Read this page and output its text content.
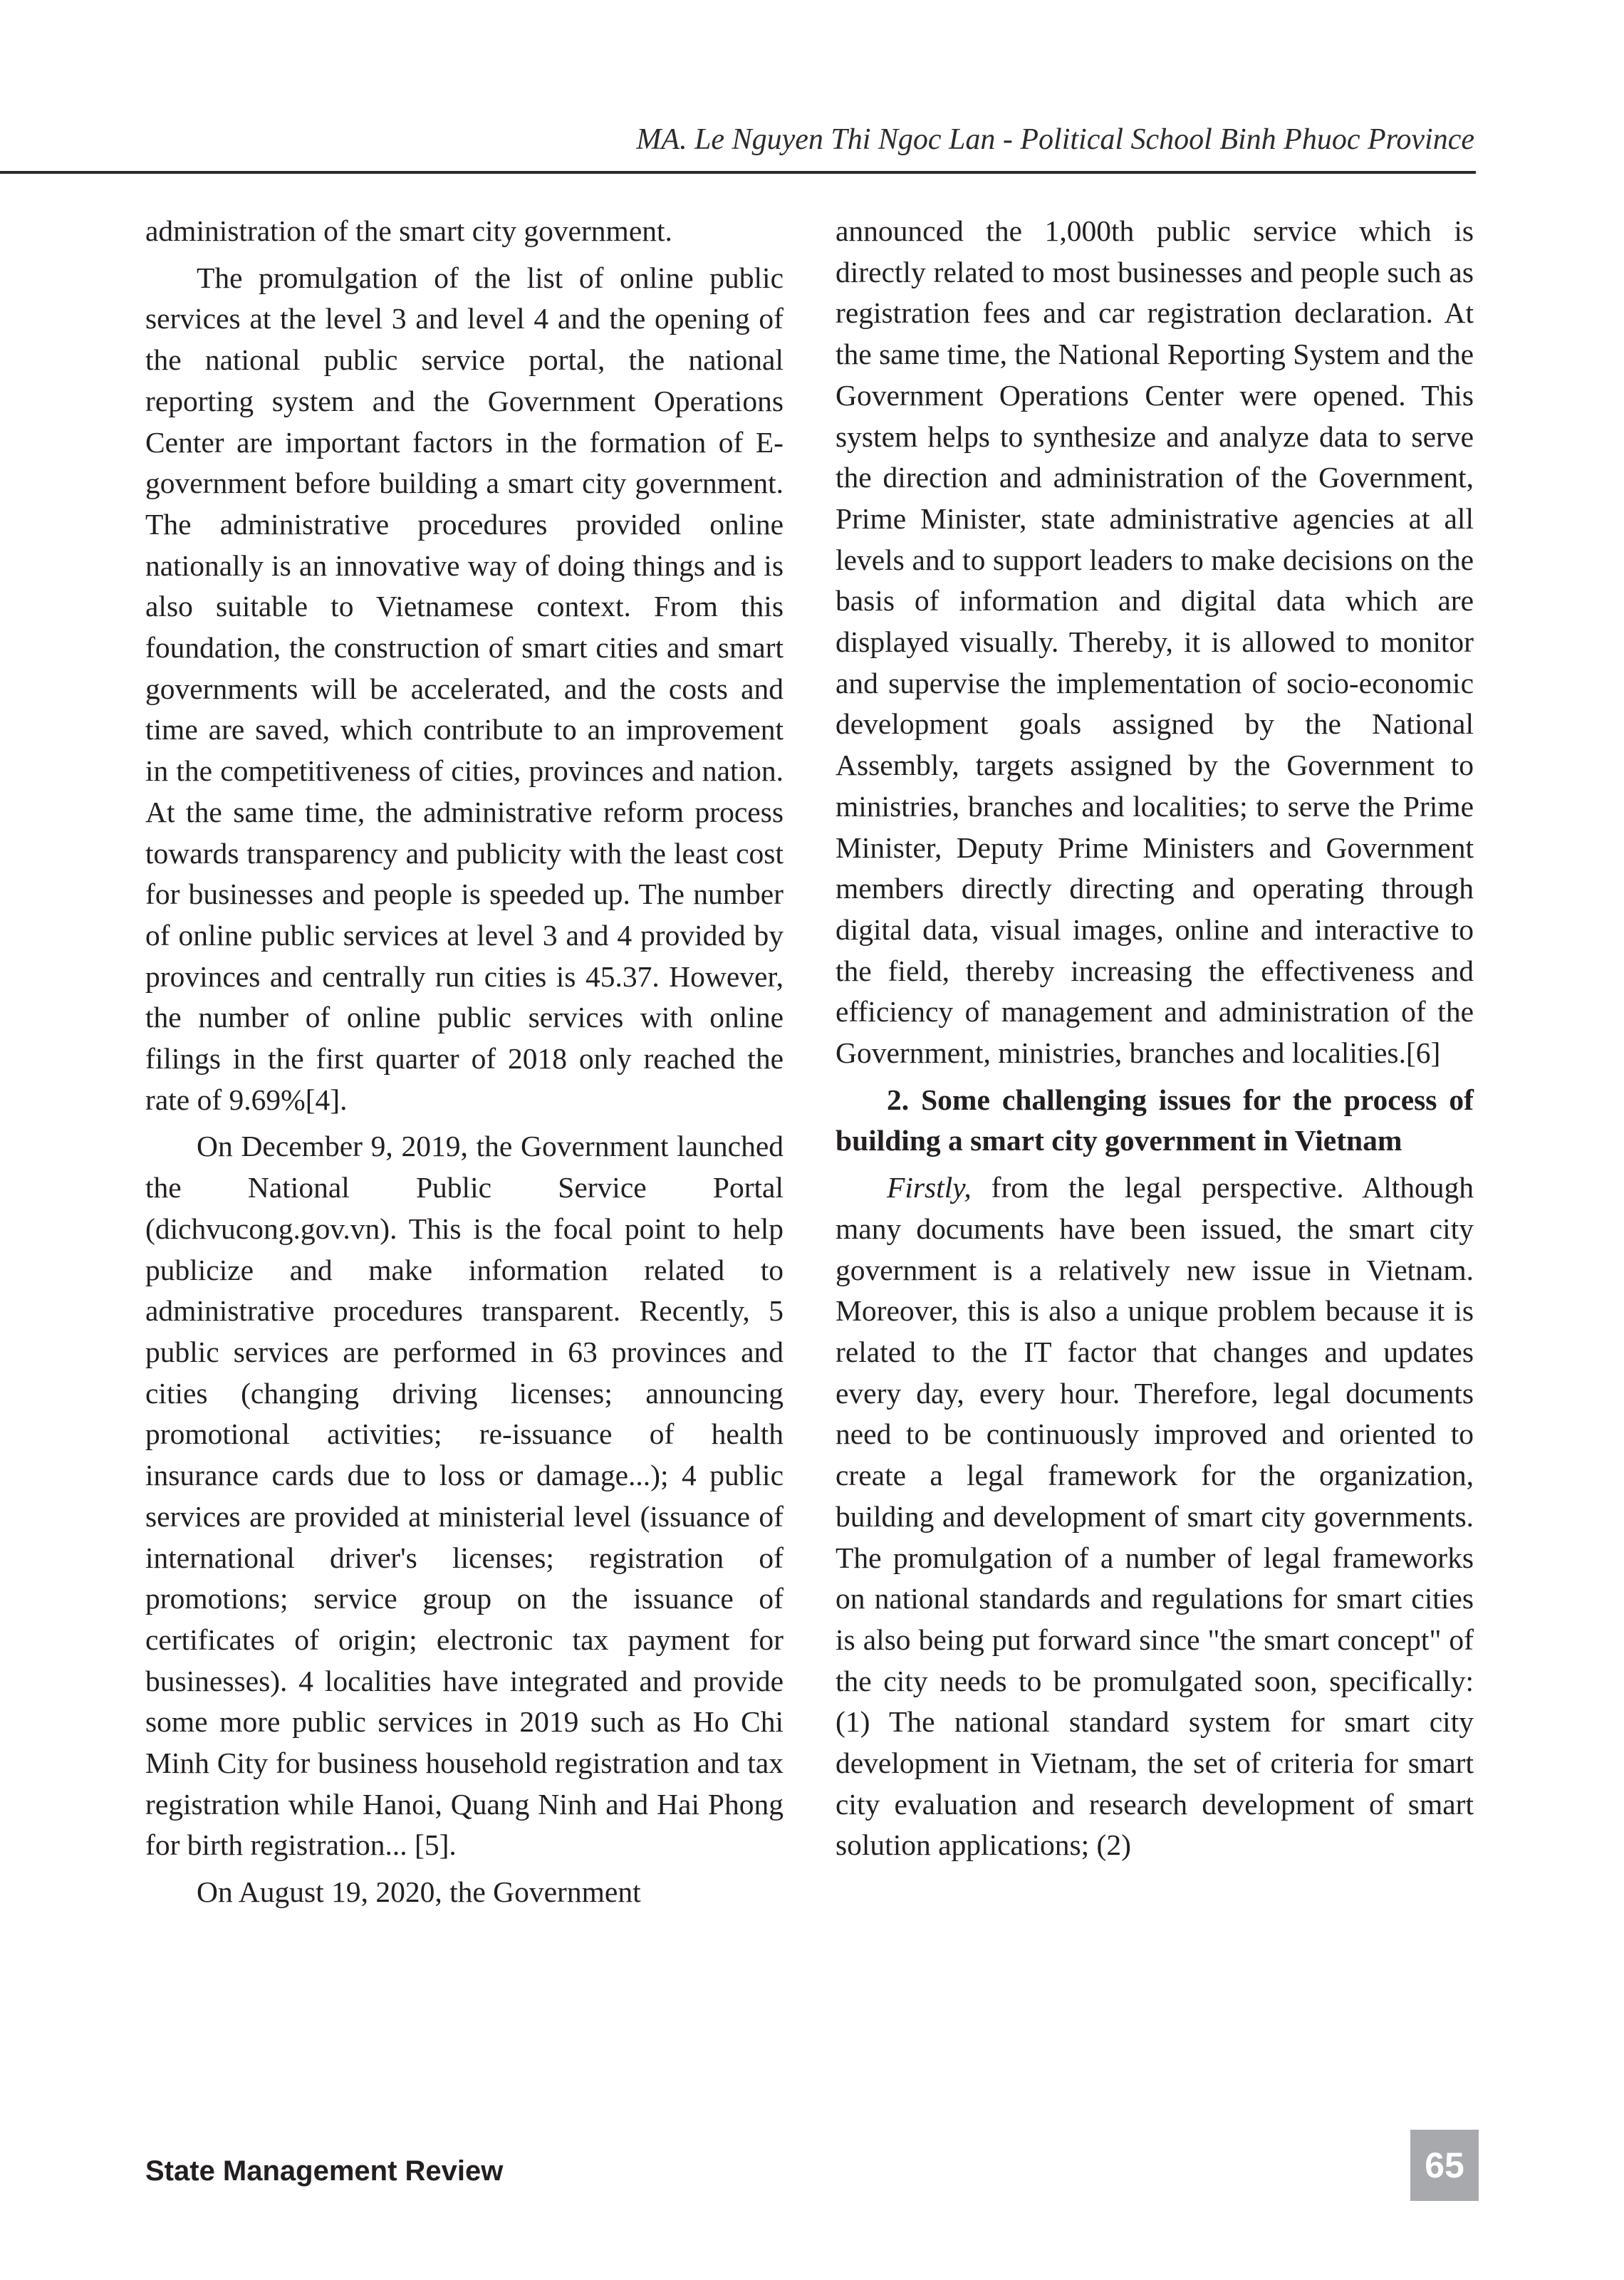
MA. Le Nguyen Thi Ngoc Lan - Political School Binh Phuoc Province

administration of the smart city government.

The promulgation of the list of online public services at the level 3 and level 4 and the opening of the national public service portal, the national reporting system and the Government Operations Center are important factors in the formation of E-government before building a smart city government. The administrative procedures provided online nationally is an innovative way of doing things and is also suitable to Vietnamese context. From this foundation, the construction of smart cities and smart governments will be accelerated, and the costs and time are saved, which contribute to an improvement in the competitiveness of cities, provinces and nation. At the same time, the administrative reform process towards transparency and publicity with the least cost for businesses and people is speeded up. The number of online public services at level 3 and 4 provided by provinces and centrally run cities is 45.37. However, the number of online public services with online filings in the first quarter of 2018 only reached the rate of 9.69%[4].

On December 9, 2019, the Government launched the National Public Service Portal (dichvucong.gov.vn). This is the focal point to help publicize and make information related to administrative procedures transparent. Recently, 5 public services are performed in 63 provinces and cities (changing driving licenses; announcing promotional activities; re-issuance of health insurance cards due to loss or damage...); 4 public services are provided at ministerial level (issuance of international driver's licenses; registration of promotions; service group on the issuance of certificates of origin; electronic tax payment for businesses). 4 localities have integrated and provide some more public services in 2019 such as Ho Chi Minh City for business household registration and tax registration while Hanoi, Quang Ninh and Hai Phong for birth registration... [5].

On August 19, 2020, the Government

announced the 1,000th public service which is directly related to most businesses and people such as registration fees and car registration declaration. At the same time, the National Reporting System and the Government Operations Center were opened. This system helps to synthesize and analyze data to serve the direction and administration of the Government, Prime Minister, state administrative agencies at all levels and to support leaders to make decisions on the basis of information and digital data which are displayed visually. Thereby, it is allowed to monitor and supervise the implementation of socio-economic development goals assigned by the National Assembly, targets assigned by the Government to ministries, branches and localities; to serve the Prime Minister, Deputy Prime Ministers and Government members directly directing and operating through digital data, visual images, online and interactive to the field, thereby increasing the effectiveness and efficiency of management and administration of the Government, ministries, branches and localities.[6]

2. Some challenging issues for the process of building a smart city government in Vietnam

Firstly, from the legal perspective. Although many documents have been issued, the smart city government is a relatively new issue in Vietnam. Moreover, this is also a unique problem because it is related to the IT factor that changes and updates every day, every hour. Therefore, legal documents need to be continuously improved and oriented to create a legal framework for the organization, building and development of smart city governments. The promulgation of a number of legal frameworks on national standards and regulations for smart cities is also being put forward since "the smart concept" of the city needs to be promulgated soon, specifically: (1) The national standard system for smart city development in Vietnam, the set of criteria for smart city evaluation and research development of smart solution applications; (2)

State Management Review	65
